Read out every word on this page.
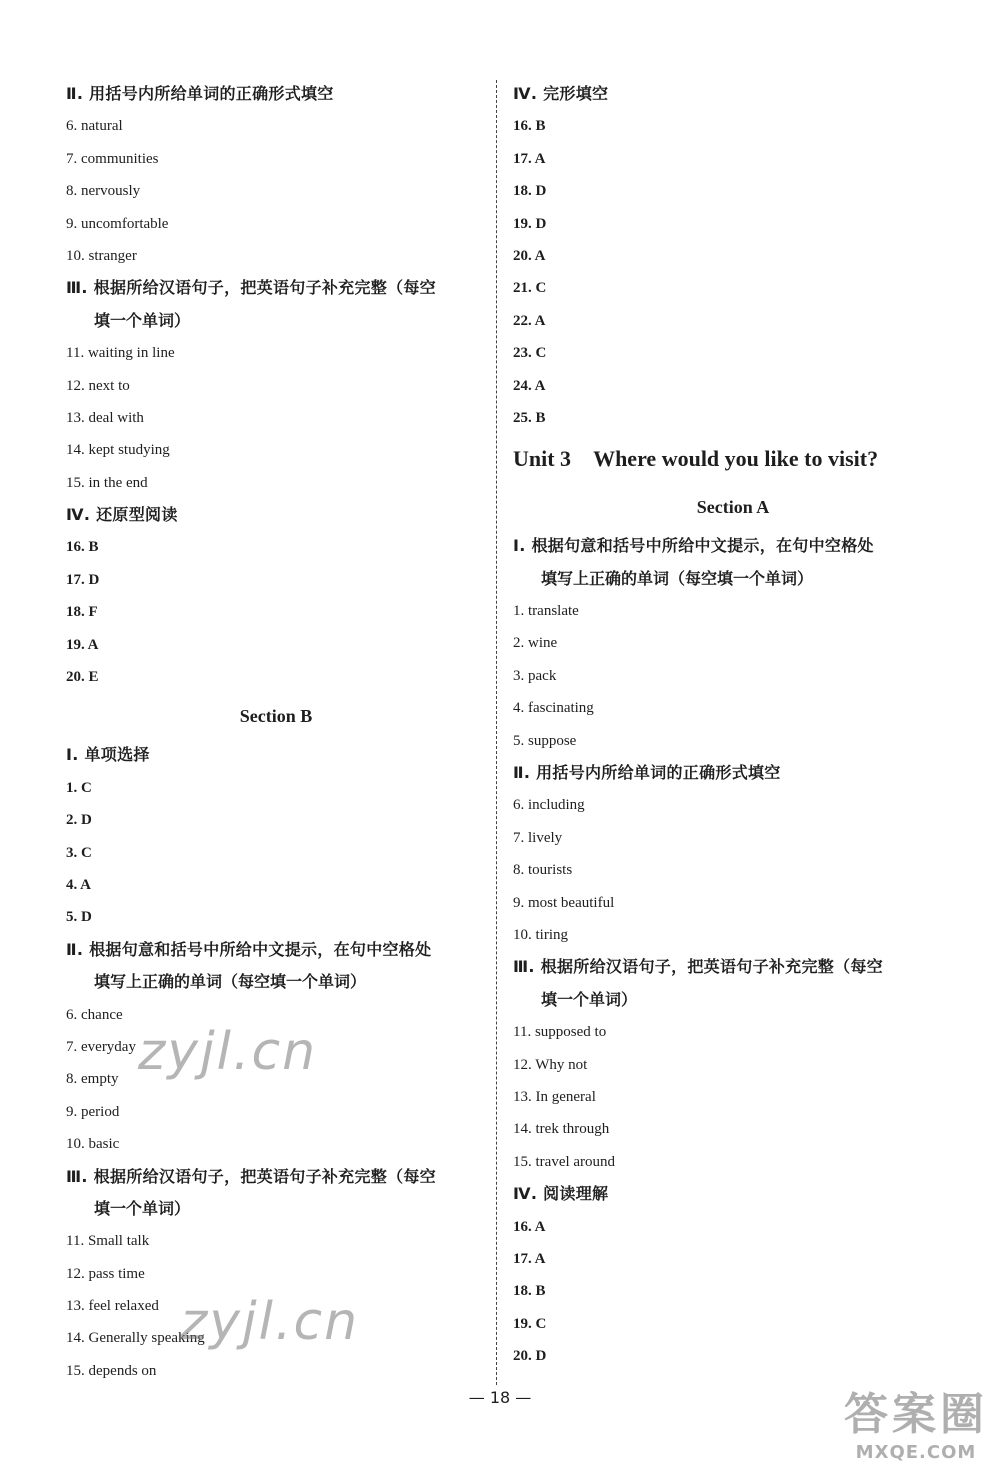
Ⅱ. 用括号内所给单词的正确形式填空
6. natural
7. communities
8. nervously
9. uncomfortable
10. stranger
Ⅲ. 根据所给汉语句子，把英语句子补充完整（每空
填一个单词）
11. waiting in line
12. next to
13. deal with
14. kept studying
15. in the end
Ⅳ. 还原型阅读
16. B
17. D
18. F
19. A
20. E
Section B
Ⅰ. 单项选择
1. C
2. D
3. C
4. A
5. D
Ⅱ. 根据句意和括号中所给中文提示，在句中空格处
填写上正确的单词（每空填一个单词）
6. chance
7. everyday
8. empty
9. period
10. basic
Ⅲ. 根据所给汉语句子，把英语句子补充完整（每空
填一个单词）
11. Small talk
12. pass time
13. feel relaxed
14. Generally speaking
15. depends on
Ⅳ. 完形填空
16. B
17. A
18. D
19. D
20. A
21. C
22. A
23. C
24. A
25. B
Unit 3 Where would you like to visit?
Section A
Ⅰ. 根据句意和括号中所给中文提示，在句中空格处
填写上正确的单词（每空填一个单词）
1. translate
2. wine
3. pack
4. fascinating
5. suppose
Ⅱ. 用括号内所给单词的正确形式填空
6. including
7. lively
8. tourists
9. most beautiful
10. tiring
Ⅲ. 根据所给汉语句子，把英语句子补充完整（每空
填一个单词）
11. supposed to
12. Why not
13. In general
14. trek through
15. travel around
Ⅳ. 阅读理解
16. A
17. A
18. B
19. C
20. D
— 18 —
zyjl.cn
zyjl.cn
答案圈
MXQE.COM
